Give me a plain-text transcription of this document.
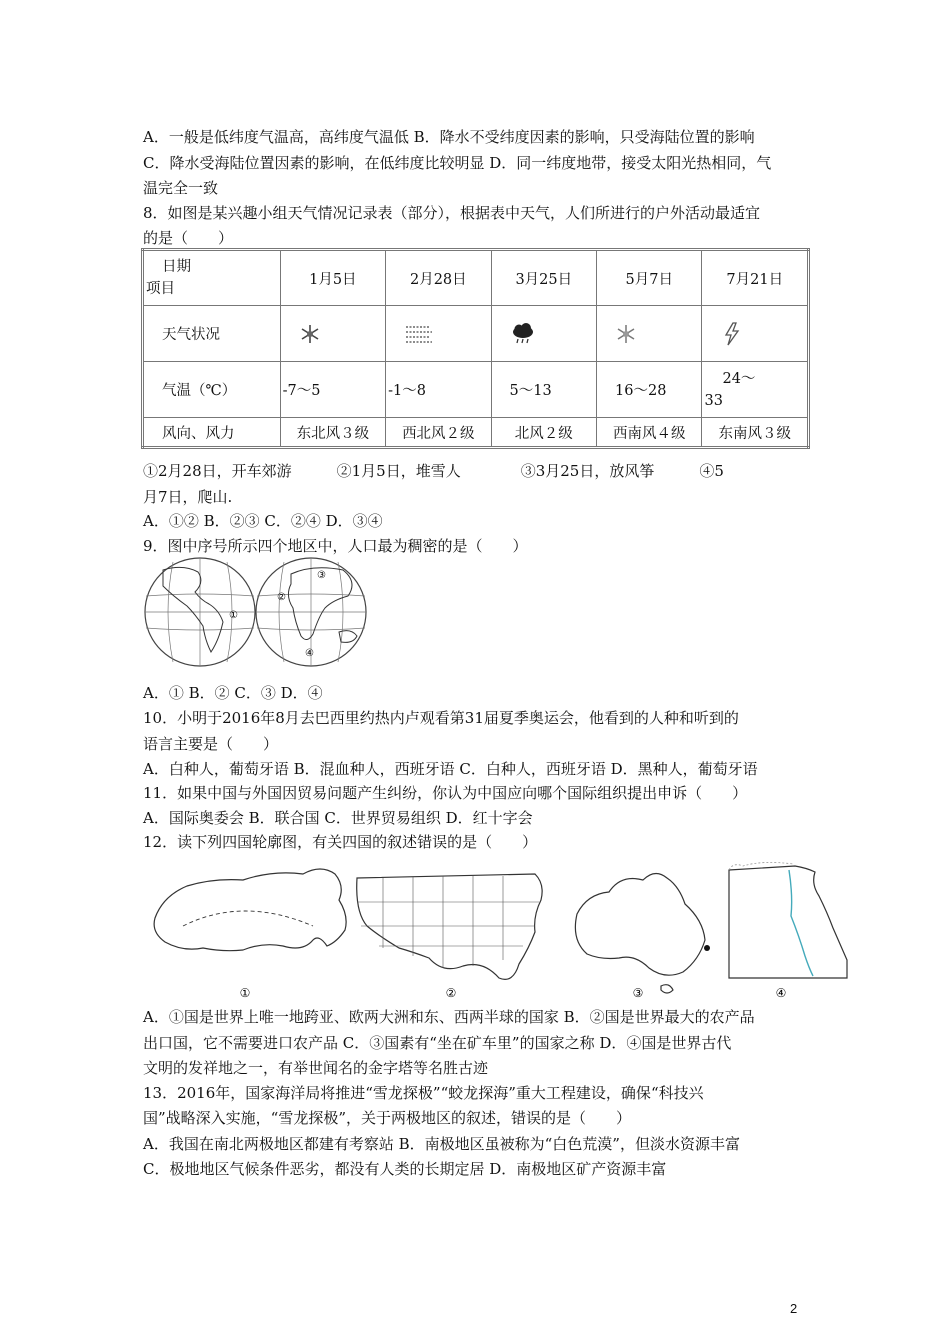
A．一般是低纬度气温高，高纬度气温低 B．降水不受纬度因素的影响，只受海陆位置的影响
C．降水受海陆位置因素的影响，在低纬度比较明显 D．同一纬度地带，接受太阳光热相同，气
温完全一致
8．如图是某兴趣小组天气情况记录表（部分），根据表中天气，人们所进行的户外活动最适宜
的是（　　）
日期
项目	1月5日	2月28日	3月25日	5月7日	7月21日
天气状况	

气温（℃）	-7～5	-1～8	5～13	16～28	24～
33

风向、风力	东北风３级	西北风２级	北风２级	西南风４级	东南风３级
①2月28日，开车郊游　　　②1月5日，堆雪人　　　　③3月25日，放风筝　　　④5
月7日，爬山.
A．①② B．②③ C．②④ D．③④
9．图中序号所示四个地区中，人口最为稠密的是（　　）
①
②
③
④
A．① B．② C．③ D．④
10．小明于2016年8月去巴西里约热内卢观看第31届夏季奥运会，他看到的人种和听到的
语言主要是（　　）
A．白种人，葡萄牙语 B．混血种人，西班牙语 C．白种人，西班牙语 D．黑种人，葡萄牙语
11．如果中国与外国因贸易问题产生纠纷，你认为中国应向哪个国际组织提出申诉（　　）
A．国际奥委会 B．联合国 C．世界贸易组织 D．红十字会
12．读下列四国轮廓图，有关四国的叙述错误的是（　　）
①	②	③	④
A．①国是世界上唯一地跨亚、欧两大洲和东、西两半球的国家 B．②国是世界最大的农产品
出口国，它不需要进口农产品 C．③国素有“坐在矿车里”的国家之称 D．④国是世界古代
文明的发祥地之一，有举世闻名的金字塔等名胜古迹
13．2016年，国家海洋局将推进“雪龙探极”“蛟龙探海”重大工程建设，确保“科技兴
国”战略深入实施，“雪龙探极”，关于两极地区的叙述，错误的是（　　）
A．我国在南北两极地区都建有考察站 B．南极地区虽被称为“白色荒漠”，但淡水资源丰富
C．极地地区气候条件恶劣，都没有人类的长期定居 D．南极地区矿产资源丰富
2
